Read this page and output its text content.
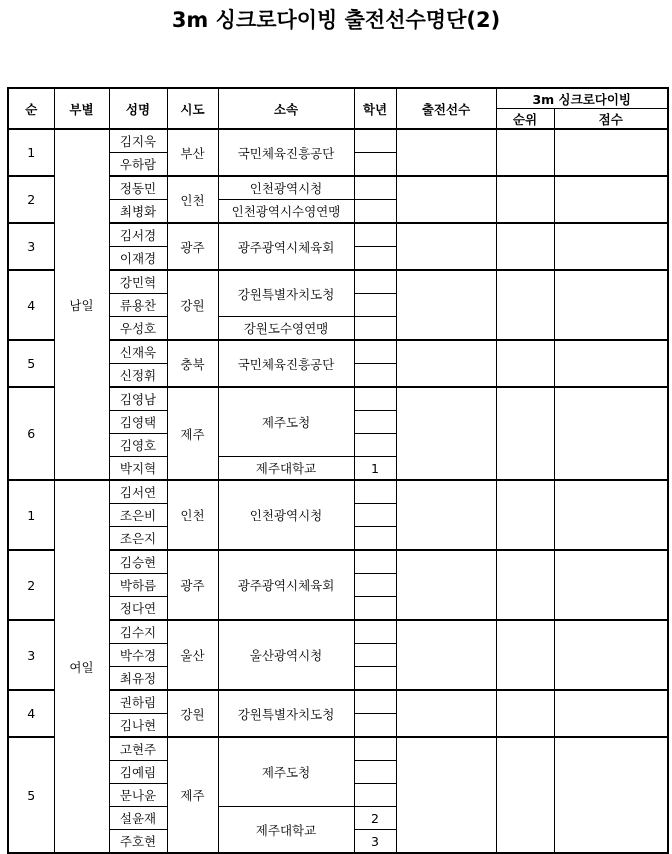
3m 싱크로다이빙 출전선수명단(2)
순	부별	성명	시도	소속	학년	출전선수	3m 싱크로다이빙	
							순위	점수
1	남일	김지욱	부산	국민체육진흥공단				
		우하람						
2		정동민	인천	인천광역시청				
		최병화		인천광역시수영연맹				
3		김서경	광주	광주광역시체육회				
		이재경						
4		강민혁	강원	강원특별자치도청				
		류용찬						
		우성호		강원도수영연맹				
5		신재욱	충북	국민체육진흥공단				
		신정휘						
6		김영남	제주	제주도청				
		김영택						
		김영호						
		박지혁		제주대학교	1			
1	여일	김서연	인천	인천광역시청				
		조은비						
		조은지						
2		김승현	광주	광주광역시체육회				
		박하름						
		정다연						
3		김수지	울산	울산광역시청				
		박수경						
		최유정						
4		권하림	강원	강원특별자치도청				
		김나현						
5		고현주	제주	제주도청				
		김예림						
		문나윤						
		설윤재		제주대학교	2			
		주호현			3			
